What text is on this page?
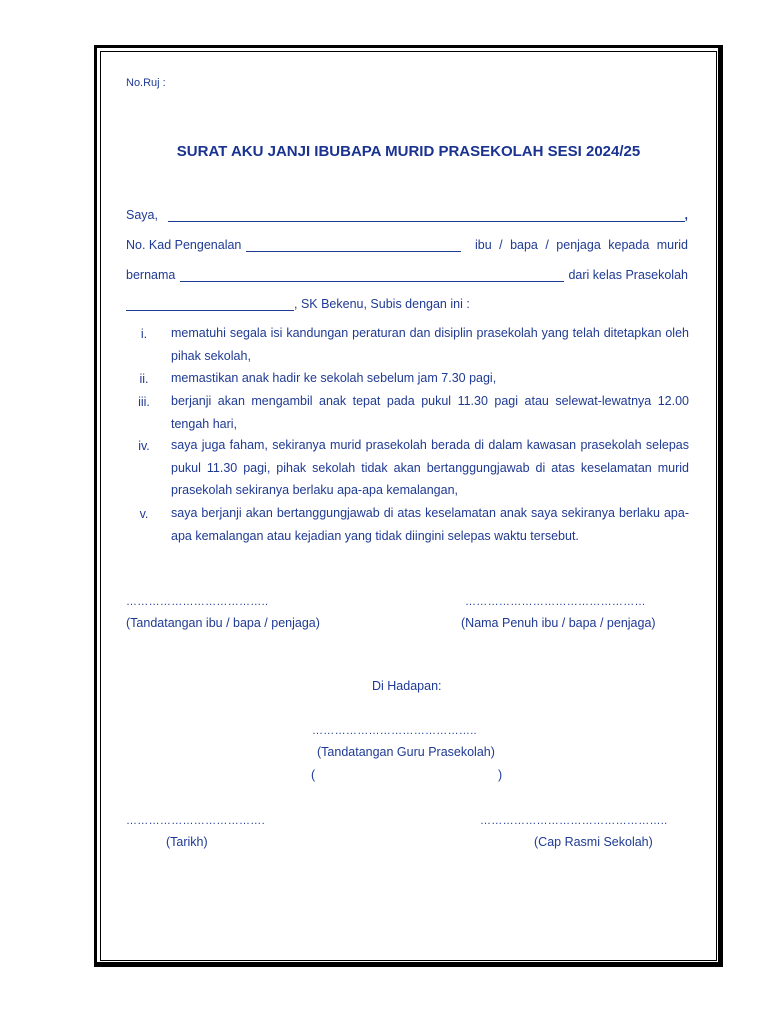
No.Ruj :
SURAT AKU JANJI IBUBAPA MURID PRASEKOLAH SESI 2024/25
Saya,	,
No. Kad Pengenalan	ibu / bapa / penjaga kepada murid
bernama	dari kelas Prasekolah
, SK Bekenu, Subis dengan ini :
i.	mematuhi segala isi kandungan peraturan dan disiplin prasekolah yang telah ditetapkan oleh pihak sekolah,
ii.	memastikan anak hadir ke sekolah sebelum jam 7.30 pagi,
iii.	berjanji akan mengambil anak tepat pada pukul 11.30 pagi atau selewat-lewatnya 12.00 tengah hari,
iv.	saya juga faham, sekiranya murid prasekolah berada di dalam kawasan prasekolah selepas pukul 11.30 pagi, pihak sekolah tidak akan bertanggungjawab di atas keselamatan murid prasekolah sekiranya berlaku apa-apa kemalangan,
v.	saya berjanji akan bertanggungjawab di atas keselamatan anak saya sekiranya berlaku apa-apa kemalangan atau kejadian yang tidak diingini selepas waktu tersebut.
………………………………..	…………………………………………
(Tandatangan ibu / bapa / penjaga)	(Nama Penuh ibu / bapa / penjaga)
Di Hadapan:
……………………………………..
(Tandatangan Guru Prasekolah)
(	)
……………………………….	…………………………………………..
(Tarikh)	(Cap Rasmi Sekolah)
